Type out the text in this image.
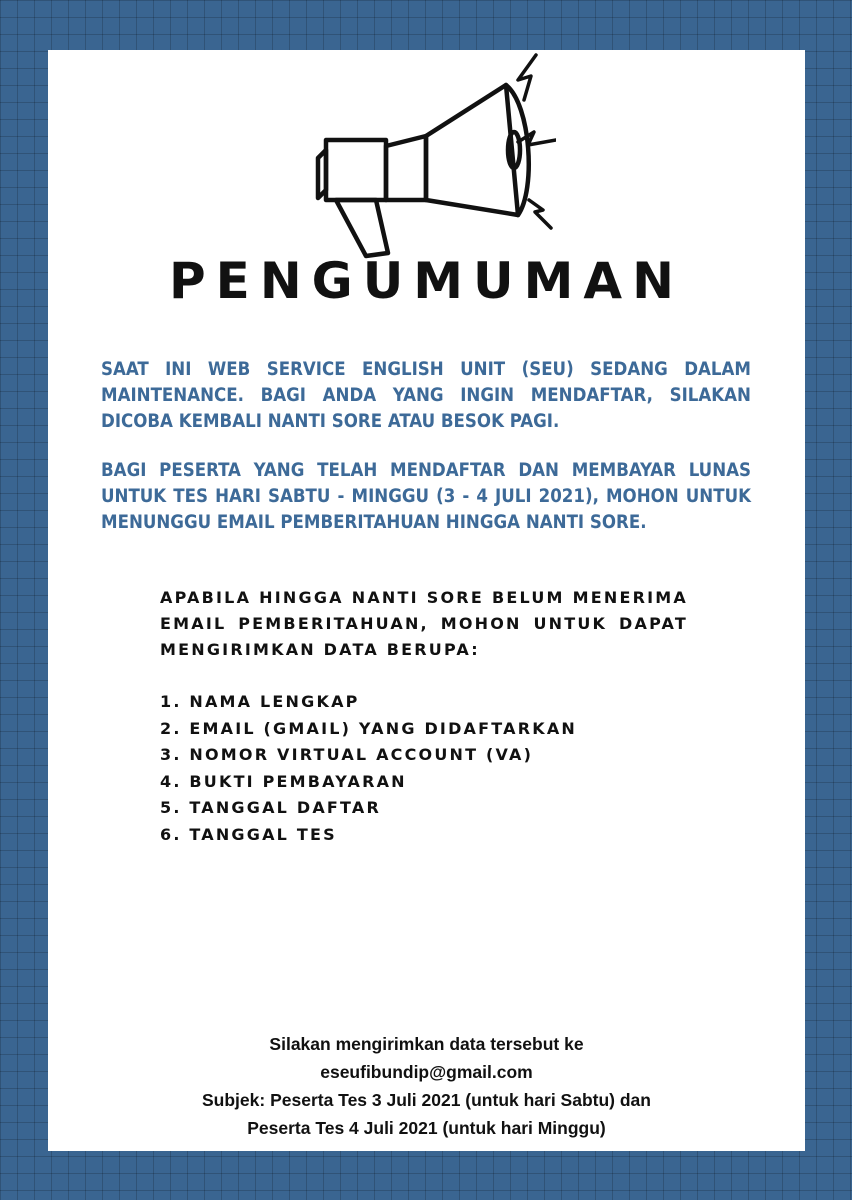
PENGUMUMAN

SAAT INI WEB SERVICE ENGLISH UNIT (SEU) SEDANG DALAM MAINTENANCE. BAGI ANDA YANG INGIN MENDAFTAR, SILAKAN DICOBA KEMBALI NANTI SORE ATAU BESOK PAGI.

BAGI PESERTA YANG TELAH MENDAFTAR DAN MEMBAYAR LUNAS UNTUK TES HARI SABTU - MINGGU (3 - 4 JULI 2021), MOHON UNTUK MENUNGGU EMAIL PEMBERITAHUAN HINGGA NANTI SORE.

APABILA HINGGA NANTI SORE BELUM MENERIMA EMAIL PEMBERITAHUAN, MOHON UNTUK DAPAT MENGIRIMKAN DATA BERUPA:

1. NAMA LENGKAP
2. EMAIL (GMAIL) YANG DIDAFTARKAN
3. NOMOR VIRTUAL ACCOUNT (VA)
4. BUKTI PEMBAYARAN
5. TANGGAL DAFTAR
6. TANGGAL TES
Silakan mengirimkan data tersebut ke
eseufibundip@gmail.com
Subjek: Peserta Tes 3 Juli 2021 (untuk hari Sabtu) dan
Peserta Tes 4 Juli 2021 (untuk hari Minggu)
